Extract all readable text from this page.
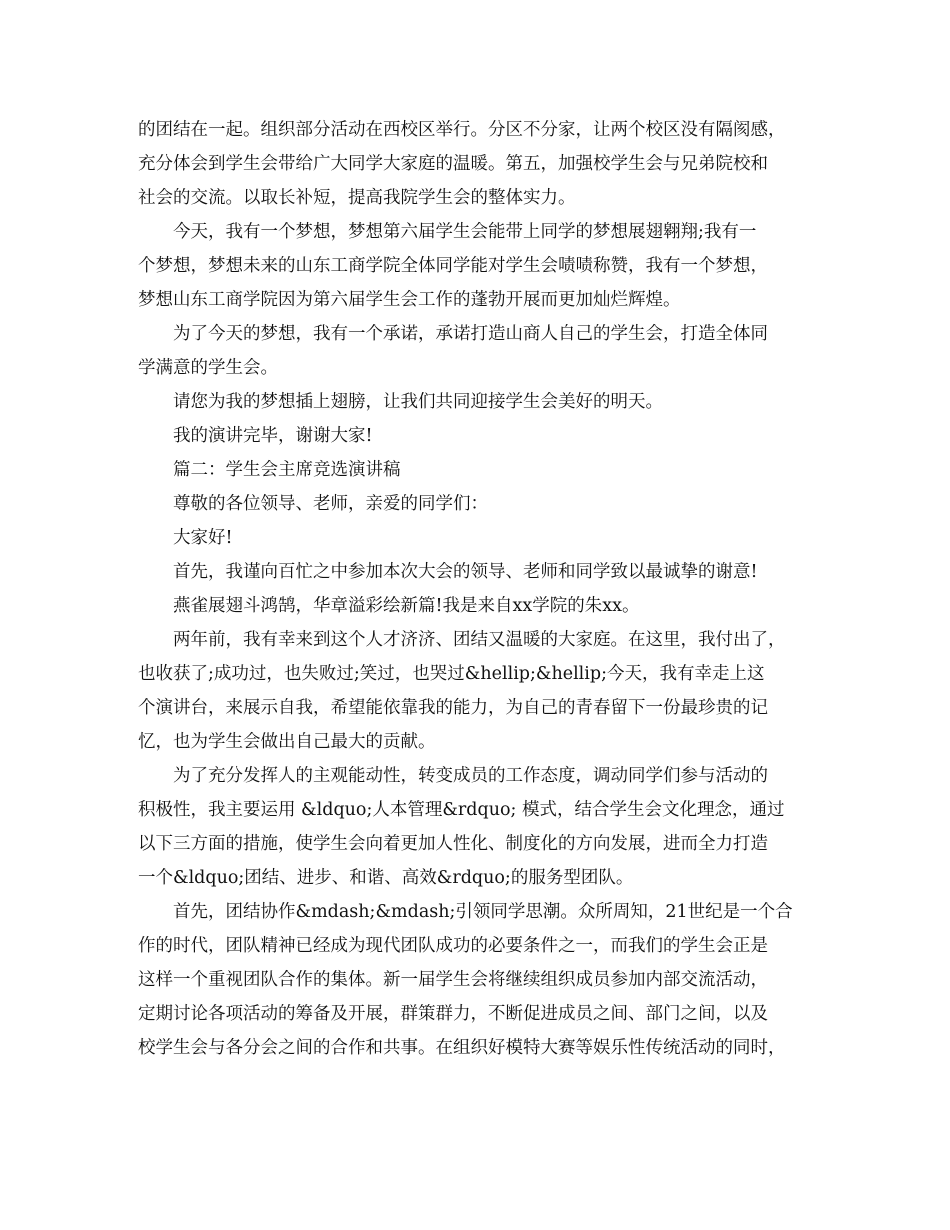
的团结在一起。组织部分活动在西校区举行。分区不分家，让两个校区没有隔阂感，
充分体会到学生会带给广大同学大家庭的温暖。第五，加强校学生会与兄弟院校和
社会的交流。以取长补短，提高我院学生会的整体实力。

今天，我有一个梦想，梦想第六届学生会能带上同学的梦想展翅翱翔;我有一
个梦想，梦想未来的山东工商学院全体同学能对学生会啧啧称赞，我有一个梦想，
梦想山东工商学院因为第六届学生会工作的蓬勃开展而更加灿烂辉煌。

为了今天的梦想，我有一个承诺，承诺打造山商人自己的学生会，打造全体同
学满意的学生会。

请您为我的梦想插上翅膀，让我们共同迎接学生会美好的明天。

我的演讲完毕，谢谢大家!

篇二：学生会主席竞选演讲稿

尊敬的各位领导、老师，亲爱的同学们：

大家好!

首先，我谨向百忙之中参加本次大会的领导、老师和同学致以最诚挚的谢意!

燕雀展翅斗鸿鹄，华章溢彩绘新篇!我是来自xx学院的朱xx。

两年前，我有幸来到这个人才济济、团结又温暖的大家庭。在这里，我付出了，
也收获了;成功过，也失败过;笑过，也哭过&hellip;&hellip;今天，我有幸走上这
个演讲台，来展示自我，希望能依靠我的能力，为自己的青春留下一份最珍贵的记
忆，也为学生会做出自己最大的贡献。

为了充分发挥人的主观能动性，转变成员的工作态度，调动同学们参与活动的
积极性，我主要运用 &ldquo;人本管理&rdquo; 模式，结合学生会文化理念，通过
以下三方面的措施，使学生会向着更加人性化、制度化的方向发展，进而全力打造
一个&ldquo;团结、进步、和谐、高效&rdquo;的服务型团队。

首先，团结协作&mdash;&mdash;引领同学思潮。众所周知，21世纪是一个合
作的时代，团队精神已经成为现代团队成功的必要条件之一，而我们的学生会正是
这样一个重视团队合作的集体。新一届学生会将继续组织成员参加内部交流活动，
定期讨论各项活动的筹备及开展，群策群力，不断促进成员之间、部门之间，以及
校学生会与各分会之间的合作和共事。在组织好模特大赛等娱乐性传统活动的同时，
